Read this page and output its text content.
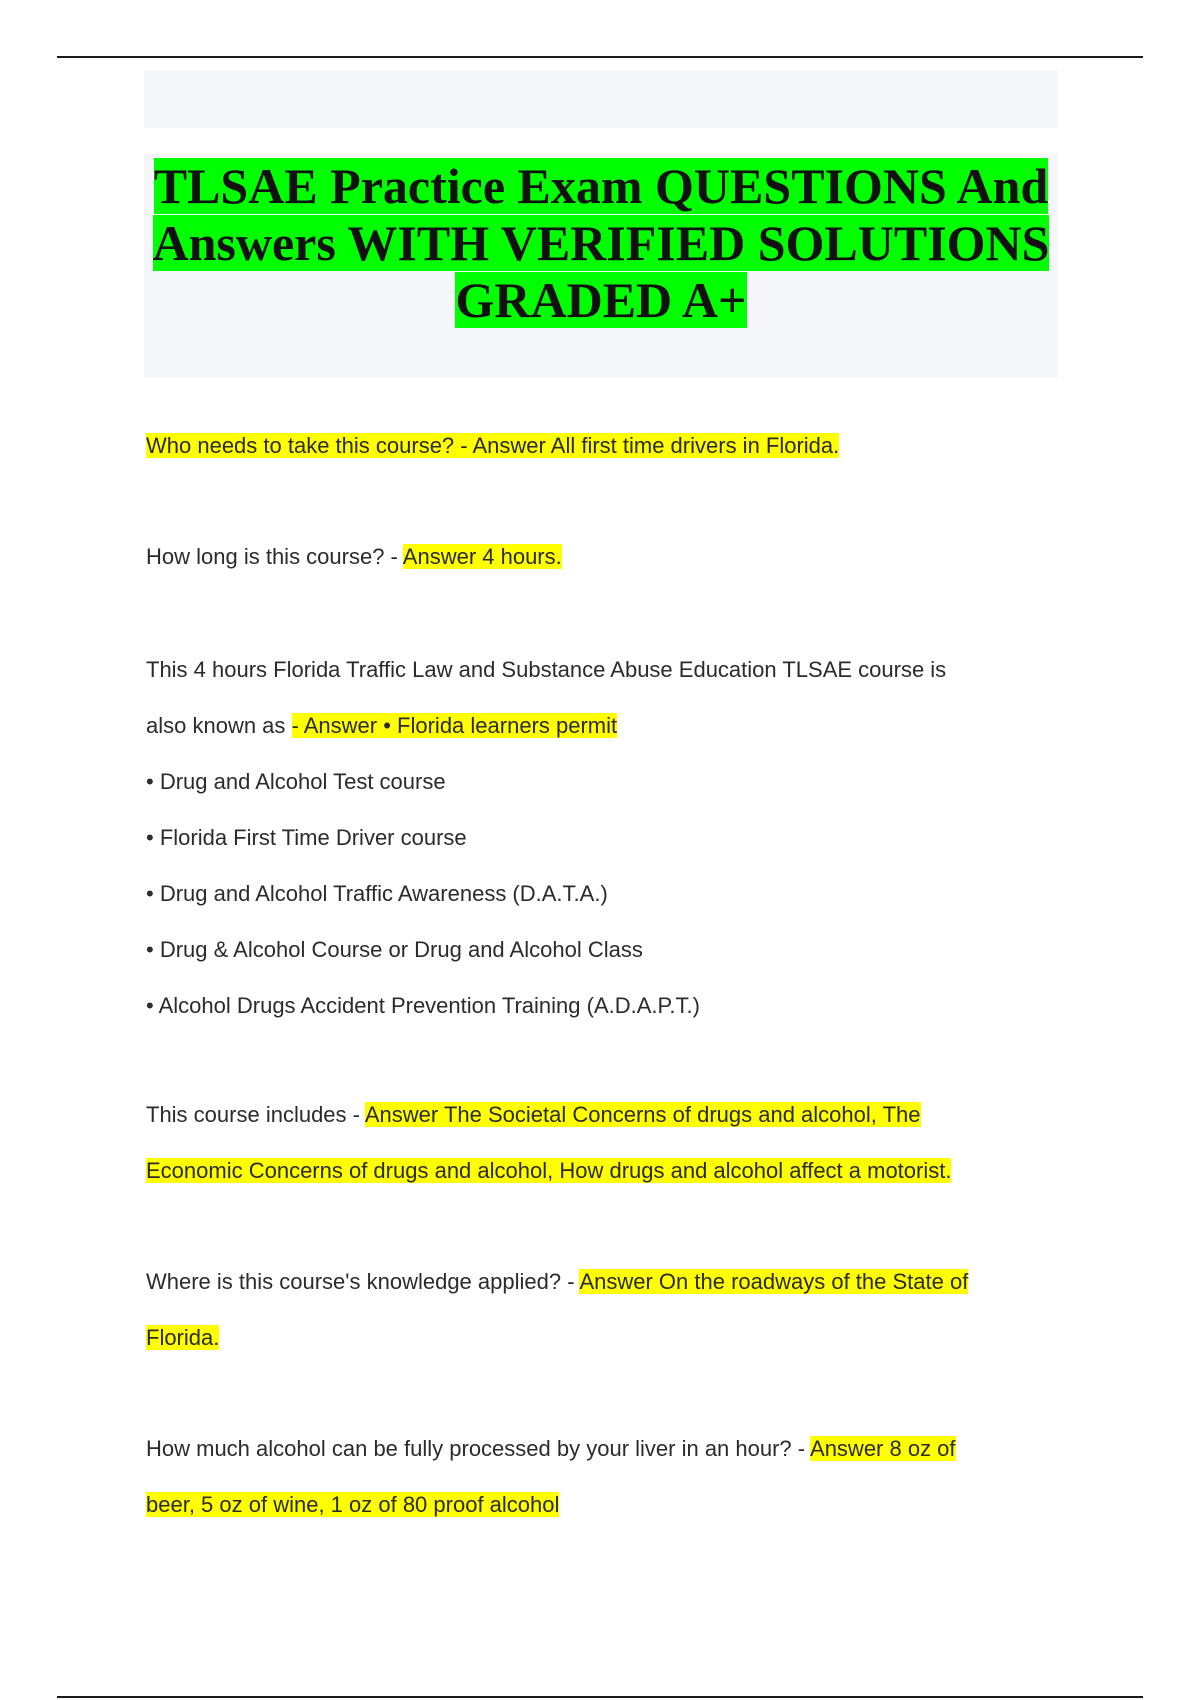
TLSAE Practice Exam QUESTIONS And Answers WITH VERIFIED SOLUTIONS GRADED A+
Who needs to take this course? - Answer All first time drivers in Florida.
How long is this course? - Answer 4 hours.
This 4 hours Florida Traffic Law and Substance Abuse Education TLSAE course is
also known as - Answer • Florida learners permit
• Drug and Alcohol Test course
• Florida First Time Driver course
• Drug and Alcohol Traffic Awareness (D.A.T.A.)
• Drug & Alcohol Course or Drug and Alcohol Class
• Alcohol Drugs Accident Prevention Training (A.D.A.P.T.)
This course includes - Answer The Societal Concerns of drugs and alcohol, The
Economic Concerns of drugs and alcohol, How drugs and alcohol affect a motorist.
Where is this course's knowledge applied? - Answer On the roadways of the State of
Florida.
How much alcohol can be fully processed by your liver in an hour? - Answer 8 oz of
beer, 5 oz of wine, 1 oz of 80 proof alcohol
